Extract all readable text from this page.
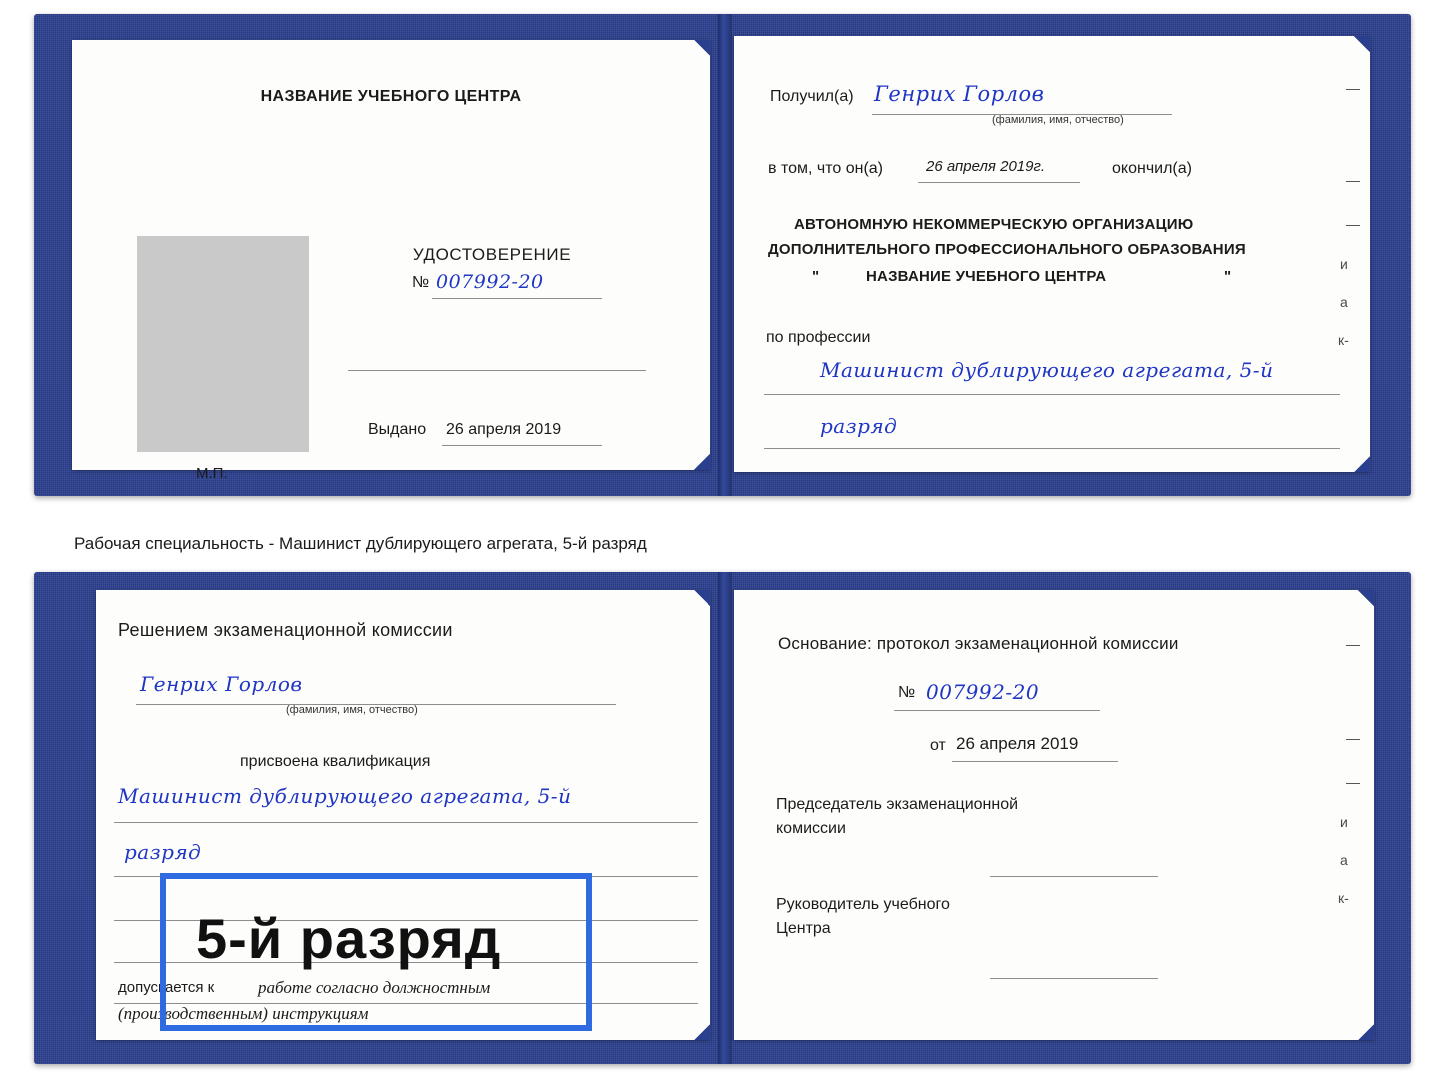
НАЗВАНИЕ УЧЕБНОГО ЦЕНТРА
УДОСТОВЕРЕНИЕ
№ 007992-20
Выдано 26 апреля 2019
М.П.
Получил(а) Генрих Горлов
(фамилия, имя, отчество)
в том, что он(а)	26 апреля 2019г.	окончил(а)
АВТОНОМНУЮ НЕКОММЕРЧЕСКУЮ ОРГАНИЗАЦИЮ
ДОПОЛНИТЕЛЬНОГО ПРОФЕССИОНАЛЬНОГО ОБРАЗОВАНИЯ
"	НАЗВАНИЕ УЧЕБНОГО ЦЕНТРА	"
по профессии
Машинист дублирующего агрегата, 5-й
разряд
—
—
—
и
а
к-
Рабочая специальность - Машинист дублирующего агрегата, 5-й разряд
Решением экзаменационной комиссии
Генрих Горлов
(фамилия, имя, отчество)
присвоена квалификация
Машинист дублирующего агрегата, 5-й
разряд
допускается к	работе согласно должностным
(производственным) инструкциям
Основание: протокол экзаменационной комиссии
№ 007992-20
от 26 апреля 2019
Председатель экзаменационной
комиссии
Руководитель учебного
Центра
—
—
—
и
а
к-
5-й разряд
